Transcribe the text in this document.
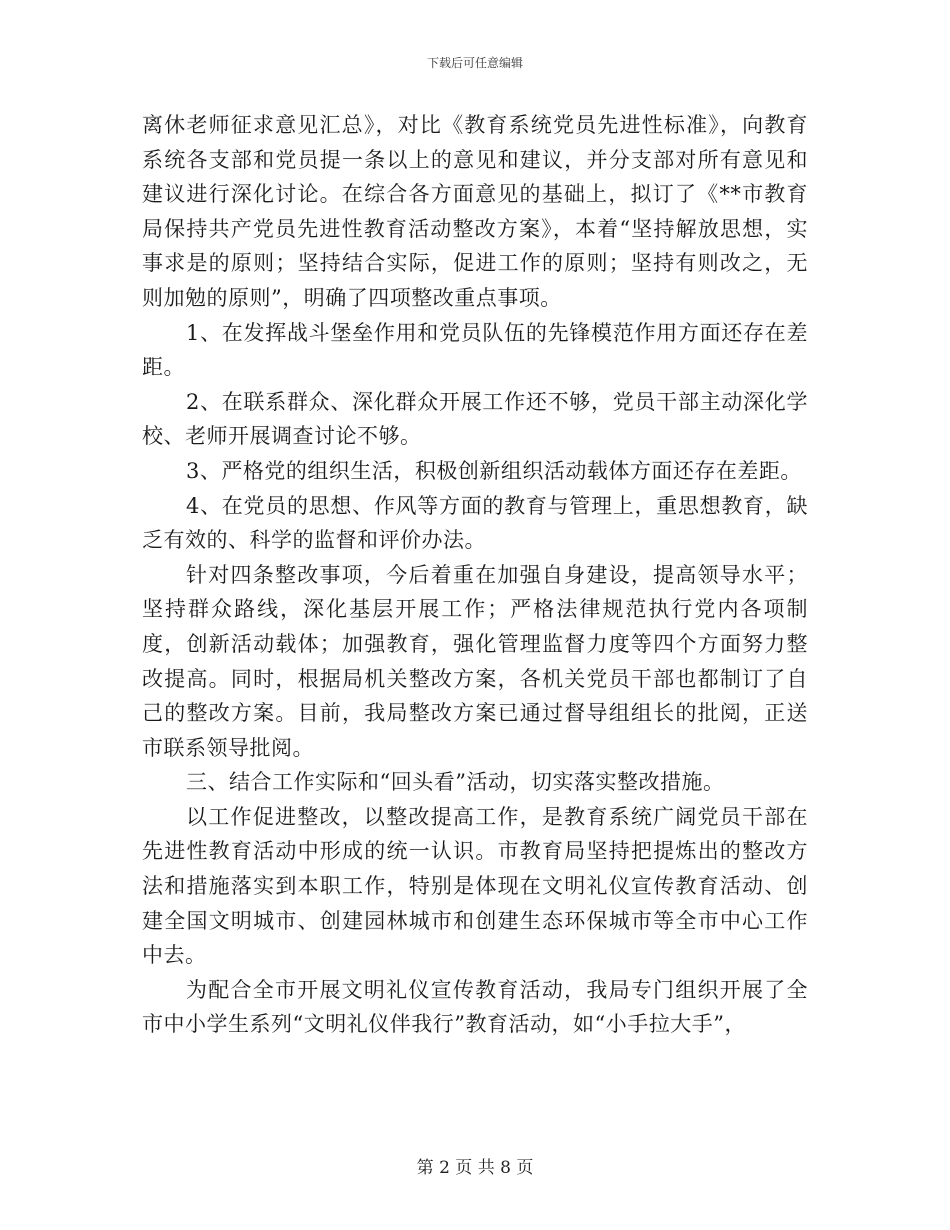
下载后可任意编辑

离休老师征求意见汇总》，对比《教育系统党员先进性标准》，向教育系统各支部和党员提一条以上的意见和建议，并分支部对所有意见和建议进行深化讨论。在综合各方面意见的基础上，拟订了《**市教育局保持共产党员先进性教育活动整改方案》，本着“坚持解放思想，实事求是的原则；坚持结合实际，促进工作的原则；坚持有则改之，无则加勉的原则”，明确了四项整改重点事项。

1、在发挥战斗堡垒作用和党员队伍的先锋模范作用方面还存在差距。

2、在联系群众、深化群众开展工作还不够，党员干部主动深化学校、老师开展调查讨论不够。

3、严格党的组织生活，积极创新组织活动载体方面还存在差距。

4、在党员的思想、作风等方面的教育与管理上，重思想教育，缺乏有效的、科学的监督和评价办法。

针对四条整改事项，今后着重在加强自身建设，提高领导水平；坚持群众路线，深化基层开展工作；严格法律规范执行党内各项制度，创新活动载体；加强教育，强化管理监督力度等四个方面努力整改提高。同时，根据局机关整改方案，各机关党员干部也都制订了自己的整改方案。目前，我局整改方案已通过督导组组长的批阅，正送市联系领导批阅。

三、结合工作实际和“回头看”活动，切实落实整改措施。

以工作促进整改，以整改提高工作，是教育系统广阔党员干部在先进性教育活动中形成的统一认识。市教育局坚持把提炼出的整改方法和措施落实到本职工作，特别是体现在文明礼仪宣传教育活动、创建全国文明城市、创建园林城市和创建生态环保城市等全市中心工作中去。

为配合全市开展文明礼仪宣传教育活动，我局专门组织开展了全市中小学生系列“文明礼仪伴我行”教育活动，如“小手拉大手”，

第 2 页 共 8 页
